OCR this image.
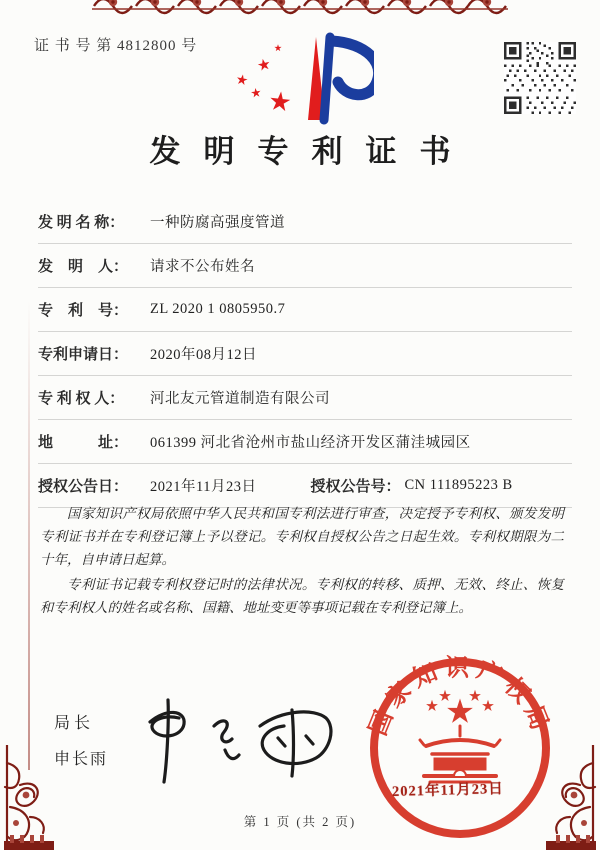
证 书 号 第 4812800 号
发明专利证书
发 明 名 称：	一种防腐高强度管道
发　明　人：	请求不公布姓名
专　利　号：	ZL 2020 1 0805950.7
专利申请日：	2020年08月12日
专 利 权 人：	河北友元管道制造有限公司
地　　　址：	061399 河北省沧州市盐山经济开发区蒲洼城园区
授权公告日：	2021年11月23日	授权公告号： CN 111895223 B

国家知识产权局依照中华人民共和国专利法进行审查，决定授予专利权、颁发发明专利证书并在专利登记簿上予以登记。专利权自授权公告之日起生效。专利权期限为二十年，自申请日起算。

专利证书记载专利权登记时的法律状况。专利权的转移、质押、无效、终止、恢复和专利权人的姓名或名称、国籍、地址变更等事项记载在专利登记簿上。

局长
申长雨
国家知识产权局
2021年11月23日
第 1 页 (共 2 页)
